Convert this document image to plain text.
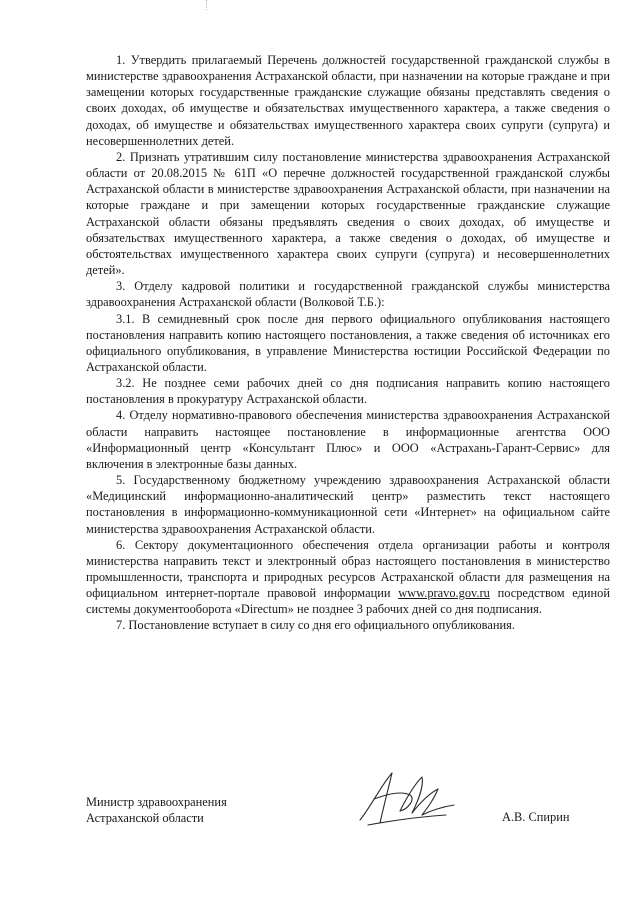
1. Утвердить прилагаемый Перечень должностей государственной гражданской службы в министерстве здравоохранения Астраханской области, при назначении на которые граждане и при замещении которых государственные гражданские служащие обязаны представлять сведения о своих доходах, об имуществе и обязательствах имущественного характера, а также сведения о доходах, об имуществе и обязательствах имущественного характера своих супруги (супруга) и несовершеннолетних детей.

2. Признать утратившим силу постановление министерства здравоохранения Астраханской области от 20.08.2015 № 61П «О перечне должностей государственной гражданской службы Астраханской области в министерстве здравоохранения Астраханской области, при назначении на которые граждане и при замещении которых государственные гражданские служащие Астраханской области обязаны предъявлять сведения о своих доходах, об имуществе и обязательствах имущественного характера, а также сведения о доходах, об имуществе и обстоятельствах имущественного характера своих супруги (супруга) и несовершеннолетних детей».

3. Отделу кадровой политики и государственной гражданской службы министерства здравоохранения Астраханской области (Волковой Т.Б.):

3.1. В семидневный срок после дня первого официального опубликования настоящего постановления направить копию настоящего постановления, а также сведения об источниках его официального опубликования, в управление Министерства юстиции Российской Федерации по Астраханской области.

3.2. Не позднее семи рабочих дней со дня подписания направить копию настоящего постановления в прокуратуру Астраханской области.

4. Отделу нормативно-правового обеспечения министерства здравоохранения Астраханской области направить настоящее постановление в информационные агентства ООО «Информационный центр «Консультант Плюс» и ООО «Астрахань-Гарант-Сервис» для включения в электронные базы данных.

5. Государственному бюджетному учреждению здравоохранения Астраханской области «Медицинский информационно-аналитический центр» разместить текст настоящего постановления в информационно-коммуникационной сети «Интернет» на официальном сайте министерства здравоохранения Астраханской области.

6. Сектору документационного обеспечения отдела организации работы и контроля министерства направить текст и электронный образ настоящего постановления в министерство промышленности, транспорта и природных ресурсов Астраханской области для размещения на официальном интернет-портале правовой информации www.pravo.gov.ru посредством единой системы документооборота «Directum» не позднее 3 рабочих дней со дня подписания.

7. Постановление вступает в силу со дня его официального опубликования.

Министр здравоохранения
Астраханской области	А.В. Спирин
